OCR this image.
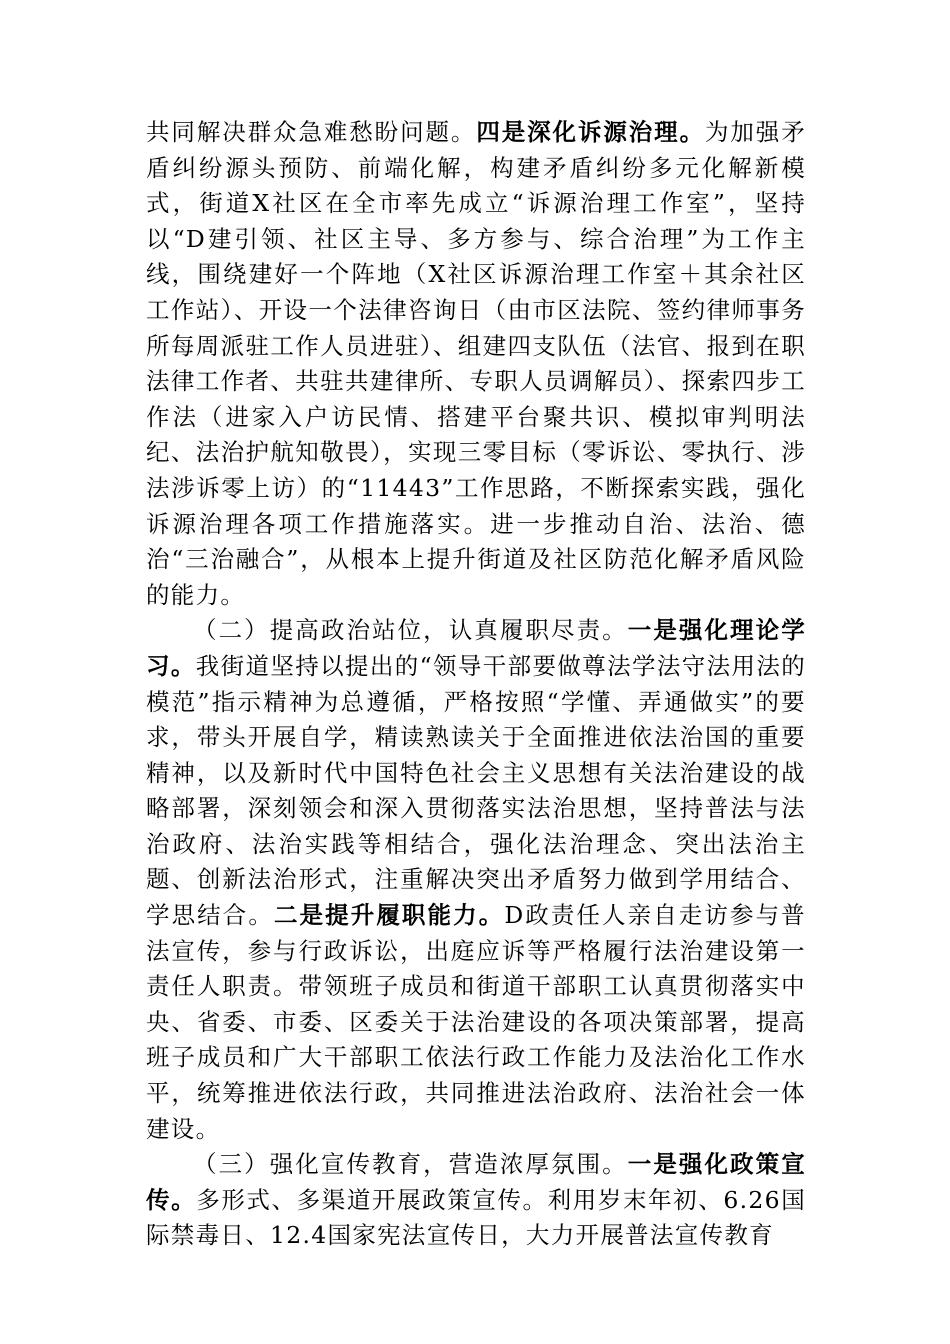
共同解决群众急难愁盼问题。四是深化诉源治理。为加强矛盾纠纷源头预防、前端化解，构建矛盾纠纷多元化解新模式，街道X社区在全市率先成立“诉源治理工作室”，坚持以“D建引领、社区主导、多方参与、综合治理”为工作主线，围绕建好一个阵地（X社区诉源治理工作室＋其余社区工作站）、开设一个法律咨询日（由市区法院、签约律师事务所每周派驻工作人员进驻）、组建四支队伍（法官、报到在职法律工作者、共驻共建律所、专职人员调解员）、探索四步工作法（进家入户访民情、搭建平台聚共识、模拟审判明法纪、法治护航知敬畏），实现三零目标（零诉讼、零执行、涉法涉诉零上访）的“11443”工作思路，不断探索实践，强化诉源治理各项工作措施落实。进一步推动自治、法治、德治“三治融合”，从根本上提升街道及社区防范化解矛盾风险的能力。

（二）提高政治站位，认真履职尽责。一是强化理论学习。我街道坚持以提出的“领导干部要做尊法学法守法用法的模范”指示精神为总遵循，严格按照“学懂、弄通做实”的要求，带头开展自学，精读熟读关于全面推进依法治国的重要精神，以及新时代中国特色社会主义思想有关法治建设的战略部署，深刻领会和深入贯彻落实法治思想，坚持普法与法治政府、法治实践等相结合，强化法治理念、突出法治主题、创新法治形式，注重解决突出矛盾努力做到学用结合、学思结合。二是提升履职能力。D政责任人亲自走访参与普法宣传，参与行政诉讼，出庭应诉等严格履行法治建设第一责任人职责。带领班子成员和街道干部职工认真贯彻落实中央、省委、市委、区委关于法治建设的各项决策部署，提高班子成员和广大干部职工依法行政工作能力及法治化工作水平，统筹推进依法行政，共同推进法治政府、法治社会一体建设。

（三）强化宣传教育，营造浓厚氛围。一是强化政策宣传。多形式、多渠道开展政策宣传。利用岁末年初、6.26国际禁毒日、12.4国家宪法宣传日，大力开展普法宣传教育
